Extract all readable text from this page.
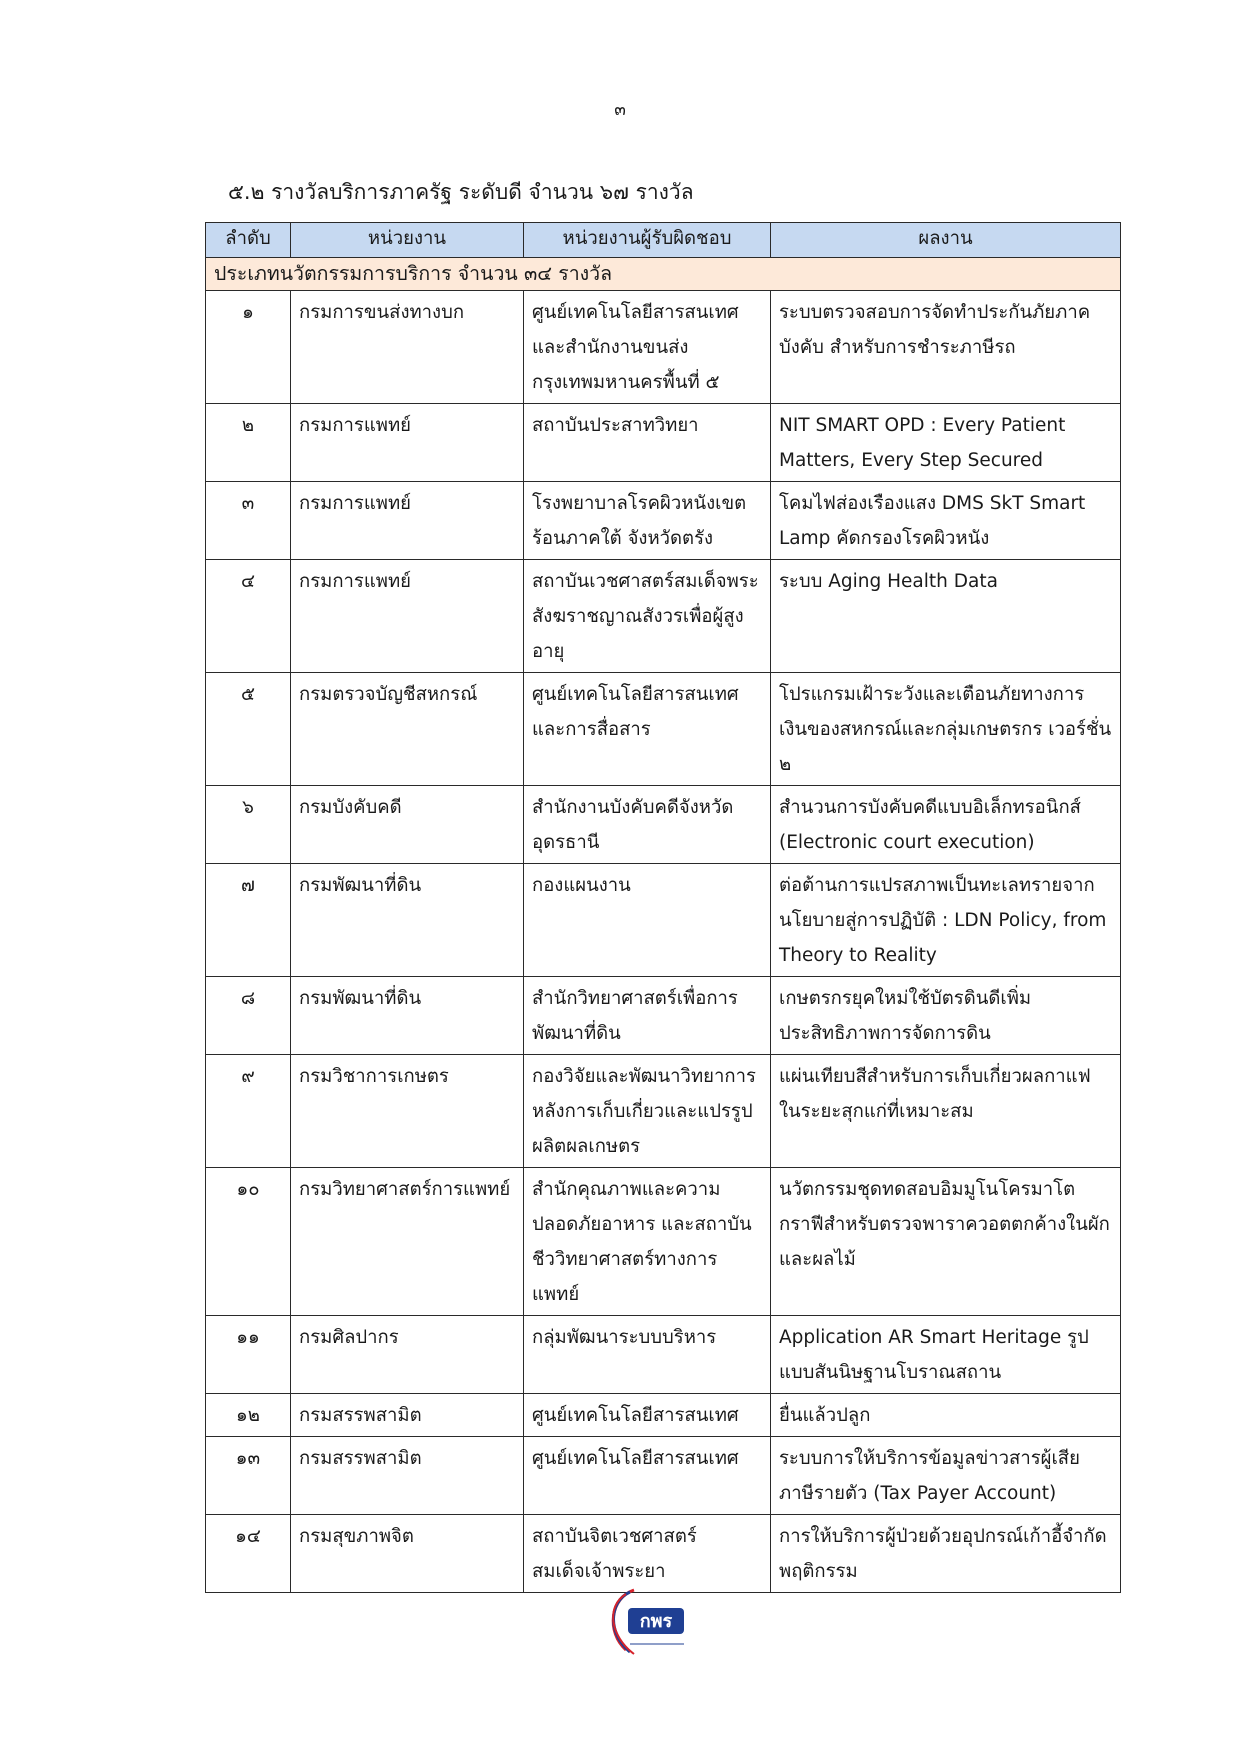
๓
๕.๒ รางวัลบริการภาครัฐ ระดับดี จำนวน ๖๗ รางวัล
ลำดับ	หน่วยงาน	หน่วยงานผู้รับผิดชอบ	ผลงาน
ประเภทนวัตกรรมการบริการ จำนวน ๓๔ รางวัล			
๑	กรมการขนส่งทางบก	ศูนย์เทคโนโลยีสารสนเทศ และสำนักงานขนส่งกรุงเทพมหานครพื้นที่ ๕	ระบบตรวจสอบการจัดทำประกันภัยภาคบังคับ สำหรับการชำระภาษีรถ
๒	กรมการแพทย์	สถาบันประสาทวิทยา	NIT SMART OPD : Every Patient Matters, Every Step Secured
๓	กรมการแพทย์	โรงพยาบาลโรคผิวหนังเขตร้อนภาคใต้ จังหวัดตรัง	โคมไฟส่องเรืองแสง DMS SkT Smart Lamp คัดกรองโรคผิวหนัง
๔	กรมการแพทย์	สถาบันเวชศาสตร์สมเด็จพระสังฆราชญาณสังวรเพื่อผู้สูงอายุ	ระบบ Aging Health Data
๕	กรมตรวจบัญชีสหกรณ์	ศูนย์เทคโนโลยีสารสนเทศและการสื่อสาร	โปรแกรมเฝ้าระวังและเตือนภัยทางการเงินของสหกรณ์และกลุ่มเกษตรกร เวอร์ชั่น ๒
๖	กรมบังคับคดี	สำนักงานบังคับคดีจังหวัดอุดรธานี	สำนวนการบังคับคดีแบบอิเล็กทรอนิกส์ (Electronic court execution)
๗	กรมพัฒนาที่ดิน	กองแผนงาน	ต่อต้านการแปรสภาพเป็นทะเลทรายจากนโยบายสู่การปฏิบัติ : LDN Policy, from Theory to Reality
๘	กรมพัฒนาที่ดิน	สำนักวิทยาศาสตร์เพื่อการพัฒนาที่ดิน	เกษตรกรยุคใหม่ใช้บัตรดินดีเพิ่มประสิทธิภาพการจัดการดิน
๙	กรมวิชาการเกษตร	กองวิจัยและพัฒนาวิทยาการหลังการเก็บเกี่ยวและแปรรูปผลิตผลเกษตร	แผ่นเทียบสีสำหรับการเก็บเกี่ยวผลกาแฟในระยะสุกแก่ที่เหมาะสม
๑๐	กรมวิทยาศาสตร์การแพทย์	สำนักคุณภาพและความปลอดภัยอาหาร และสถาบันชีววิทยาศาสตร์ทางการแพทย์	นวัตกรรมชุดทดสอบอิมมูโนโครมาโตกราฟีสำหรับตรวจพาราควอตตกค้างในผักและผลไม้
๑๑	กรมศิลปากร	กลุ่มพัฒนาระบบบริหาร	Application AR Smart Heritage รูปแบบสันนิษฐานโบราณสถาน
๑๒	กรมสรรพสามิต	ศูนย์เทคโนโลยีสารสนเทศ	ยื่นแล้วปลูก
๑๓	กรมสรรพสามิต	ศูนย์เทคโนโลยีสารสนเทศ	ระบบการให้บริการข้อมูลข่าวสารผู้เสียภาษีรายตัว (Tax Payer Account)
๑๔	กรมสุขภาพจิต	สถาบันจิตเวชศาสตร์สมเด็จเจ้าพระยา	การให้บริการผู้ป่วยด้วยอุปกรณ์เก้าอี้จำกัดพฤติกรรม
กพร
